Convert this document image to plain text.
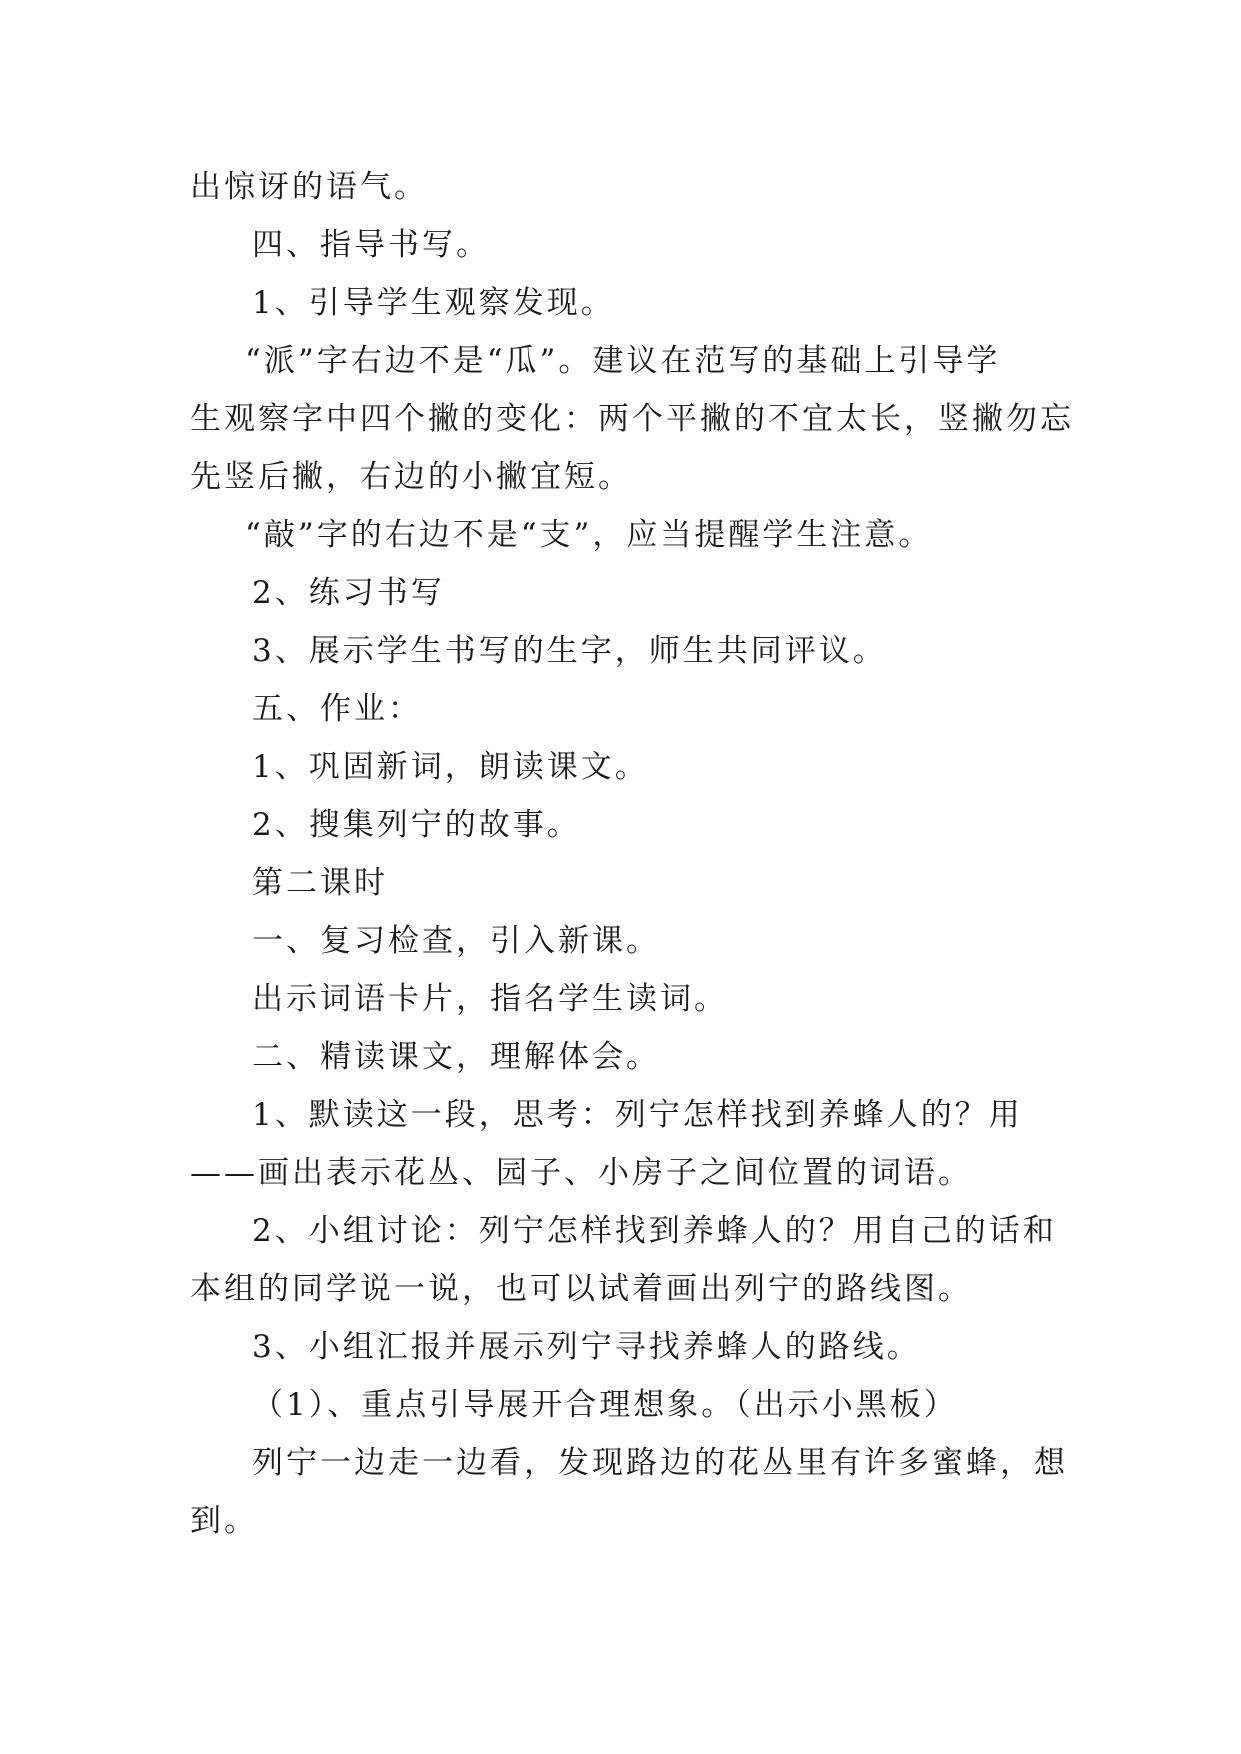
出惊讶的语气。
四、指导书写。
1、引导学生观察发现。
“派”字右边不是“瓜”。建议在范写的基础上引导学
生观察字中四个撇的变化：两个平撇的不宜太长，竖撇勿忘
先竖后撇，右边的小撇宜短。
“敲”字的右边不是“支”，应当提醒学生注意。
2、练习书写
3、展示学生书写的生字，师生共同评议。
五、作业：
1、巩固新词，朗读课文。
2、搜集列宁的故事。
第二课时
一、复习检查，引入新课。
出示词语卡片，指名学生读词。
二、精读课文，理解体会。
1、默读这一段，思考：列宁怎样找到养蜂人的？用
——画出表示花丛、园子、小房子之间位置的词语。
2、小组讨论：列宁怎样找到养蜂人的？用自己的话和
本组的同学说一说，也可以试着画出列宁的路线图。
3、小组汇报并展示列宁寻找养蜂人的路线。
（1）、重点引导展开合理想象。（出示小黑板）
列宁一边走一边看，发现路边的花丛里有许多蜜蜂，想
到。
